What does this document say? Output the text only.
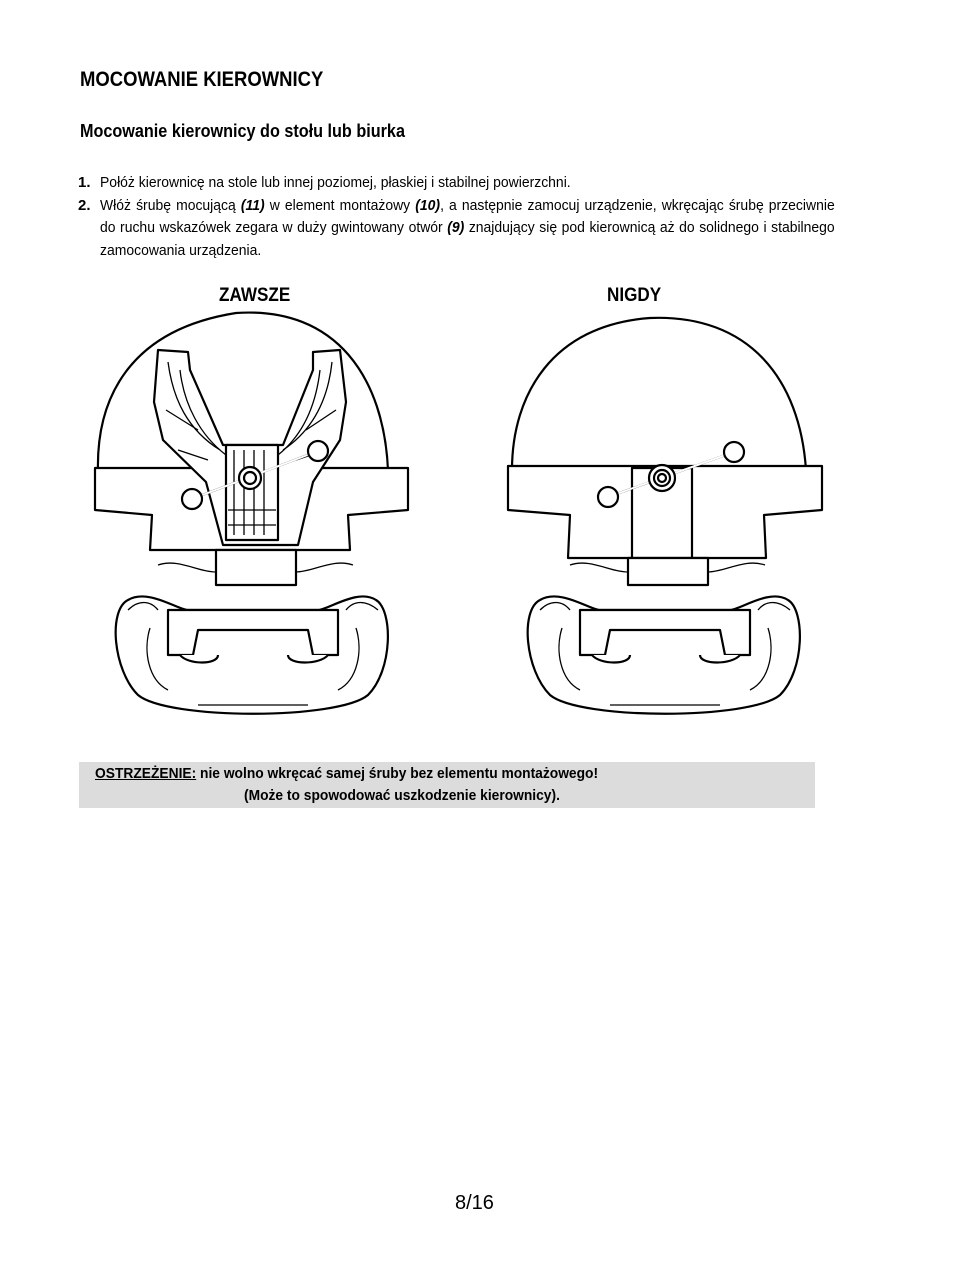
MOCOWANIE KIEROWNICY
Mocowanie kierownicy do stołu lub biurka
1. Połóż kierownicę na stole lub innej poziomej, płaskiej i stabilnej powierzchni.
2. Włóż śrubę mocującą (11) w element montażowy (10), a następnie zamocuj urządzenie, wkręcając śrubę przeciwnie do ruchu wskazówek zegara w duży gwintowany otwór (9) znajdujący się pod kierownicą aż do solidnego i stabilnego zamocowania urządzenia.
ZAWSZE	NIGDY
OSTRZEŻENIE: nie wolno wkręcać samej śruby bez elementu montażowego!
(Może to spowodować uszkodzenie kierownicy).
8/16
